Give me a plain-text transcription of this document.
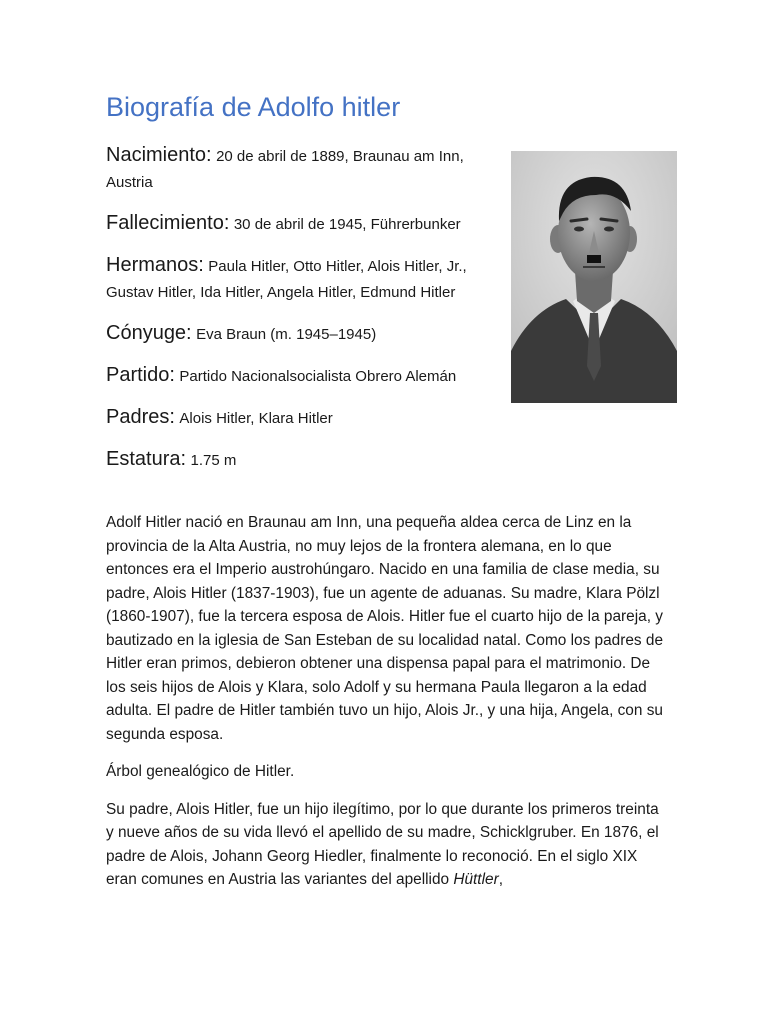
Biografía de Adolfo hitler

Nacimiento: 20 de abril de 1889, Braunau am Inn, Austria

Fallecimiento: 30 de abril de 1945, Führerbunker

Hermanos: Paula Hitler, Otto Hitler, Alois Hitler, Jr., Gustav Hitler, Ida Hitler, Angela Hitler, Edmund Hitler

Cónyuge: Eva Braun (m. 1945–1945)

Partido: Partido Nacionalsocialista Obrero Alemán

Padres: Alois Hitler, Klara Hitler

Estatura: 1.75 m

Adolf Hitler nació en Braunau am Inn, una pequeña aldea cerca de Linz en la provincia de la Alta Austria, no muy lejos de la frontera alemana, en lo que entonces era el Imperio austrohúngaro. Nacido en una familia de clase media, su padre, Alois Hitler (1837-1903), fue un agente de aduanas. Su madre, Klara Pölzl (1860-1907), fue la tercera esposa de Alois. Hitler fue el cuarto hijo de la pareja, y bautizado en la iglesia de San Esteban de su localidad natal. Como los padres de Hitler eran primos, debieron obtener una dispensa papal para el matrimonio. De los seis hijos de Alois y Klara, solo Adolf y su hermana Paula llegaron a la edad adulta. El padre de Hitler también tuvo un hijo, Alois Jr., y una hija, Angela, con su segunda esposa.

Árbol genealógico de Hitler.

Su padre, Alois Hitler, fue un hijo ilegítimo, por lo que durante los primeros treinta y nueve años de su vida llevó el apellido de su madre, Schicklgruber. En 1876, el padre de Alois, Johann Georg Hiedler, finalmente lo reconoció. En el siglo XIX eran comunes en Austria las variantes del apellido Hüttler,
